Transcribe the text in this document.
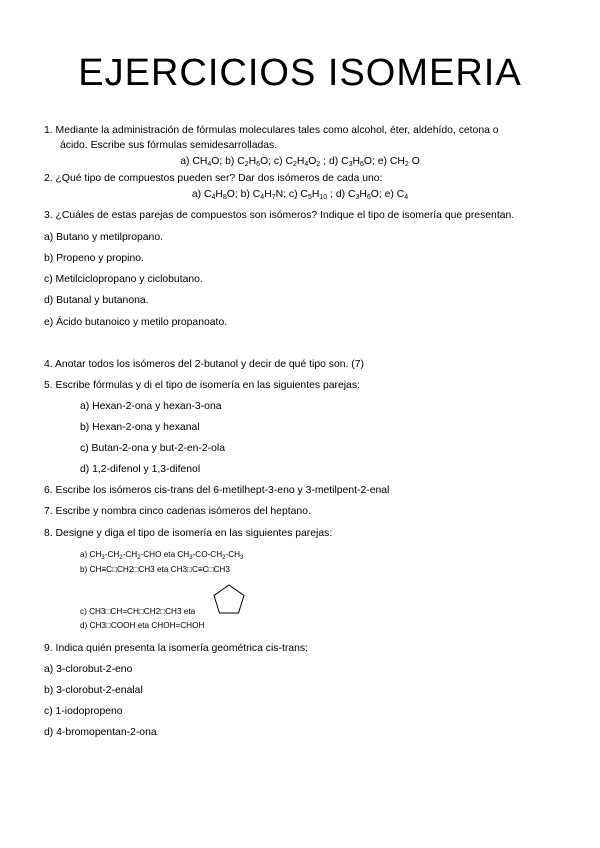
EJERCICIOS ISOMERIA
1. Mediante la administración de fórmulas moleculares tales como alcohol, éter, aldehído, cetona o
ácido. Escribe sus fórmulas semidesarrolladas.
a) $CH_4O$; b) $C_2H_6O$; c) $C_2H_4O_2$ ; d) $C_3H_6O$; e) $CH_2$ O
2. ¿Qué tipo de compuestos pueden ser? Dar dos isómeros de cada uno:
a) $C_4H_8O$; b) $C_4H_7N$; c) $C_5H_{10}$ ; d) $C_3H_6O$; e) $C_4$
3. ¿Cuáles de estas parejas de compuestos son isómeros? Indique el tipo de isomería que presentan.
a) Butano y metilpropano.
b) Propeno y propino.
c) Metilciclopropano y ciclobutano.
d) Butanal y butanona.
e) Ácido butanoico y metilo propanoato.
4. Anotar todos los isómeros del 2-butanol y decir de qué tipo son. (7)
5. Escribe fórmulas y di el tipo de isomería en las siguientes parejas:
a) Hexan-2-ona y hexan-3-ona
b) Hexan-2-ona y hexanal
c) Butan-2-ona y but-2-en-2-ola
d) 1,2-difenol y 1,3-difenol
6. Escribe los isómeros cis-trans del 6-metilhept-3-eno y 3-metilpent-2-enal
7. Escribe y nombra cinco cadenas isómeros del heptano.
8. Designe y diga el tipo de isomería en las siguientes parejas:
a) $CH_3-CH_2-CH_2$-CHO eta $CH_3-CO-CH_2-CH_3$
b) CH≡C□CH2□CH3 eta CH3□C≡C□CH3
c) CH3□CH=CH□CH2□CH3 eta
d) CH3□COOH eta CHOH=CHOH
9. Indica quién presenta la isomería geométrica cis-trans:
a) 3-clorobut-2-eno
b) 3-clorobut-2-enalal
c) 1-iodopropeno
d) 4-bromopentan-2-ona
